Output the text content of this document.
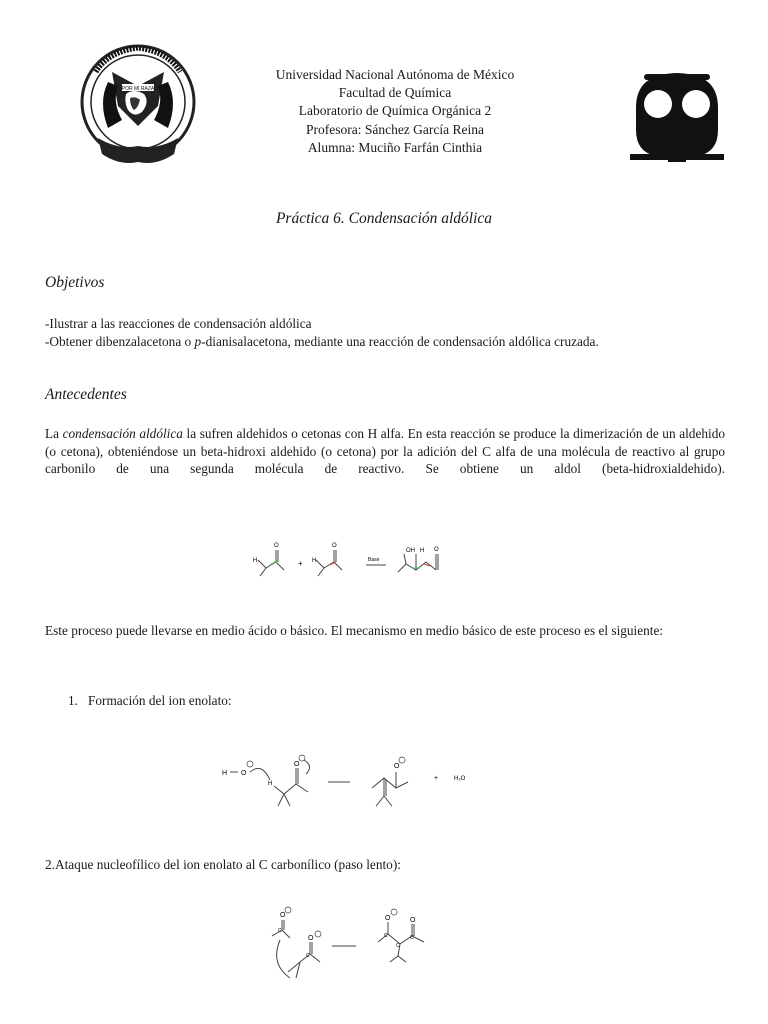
POR MI RAZA
Universidad Nacional Autónoma de México
Facultad de Química
Laboratorio de Química Orgánica 2
Profesora: Sánchez García Reina
Alumna: Muciño Farfán Cinthia
Práctica 6. Condensación aldólica
Objetivos
-Ilustrar a las reacciones de condensación aldólica
-Obtener dibenzalacetona o p-dianisalacetona, mediante una reacción de condensación aldólica cruzada.
Antecedentes
La condensación aldólica la sufren aldehidos o cetonas con H alfa. En esta reacción se produce la dimerización de un aldehido (o cetona), obteniéndose un beta-hidroxi aldehido (o cetona) por la adición del C alfa de una molécula de reactivo al grupo carbonilo de una segunda molécula de reactivo. Se obtiene un aldol (beta-hidroxialdehido).
H
O
+ H
O
Base
OH H O
Este proceso puede llevarse en medio ácido o básico. El mecanismo en medio básico de este proceso es el siguiente:
1. Formación del ion enolato:
H O
H
O	O
+	H₂O
2.Ataque nucleofílico del ion enolato al C carbonílico (paso lento):
O
O
O	O
C
C
C
C
C
